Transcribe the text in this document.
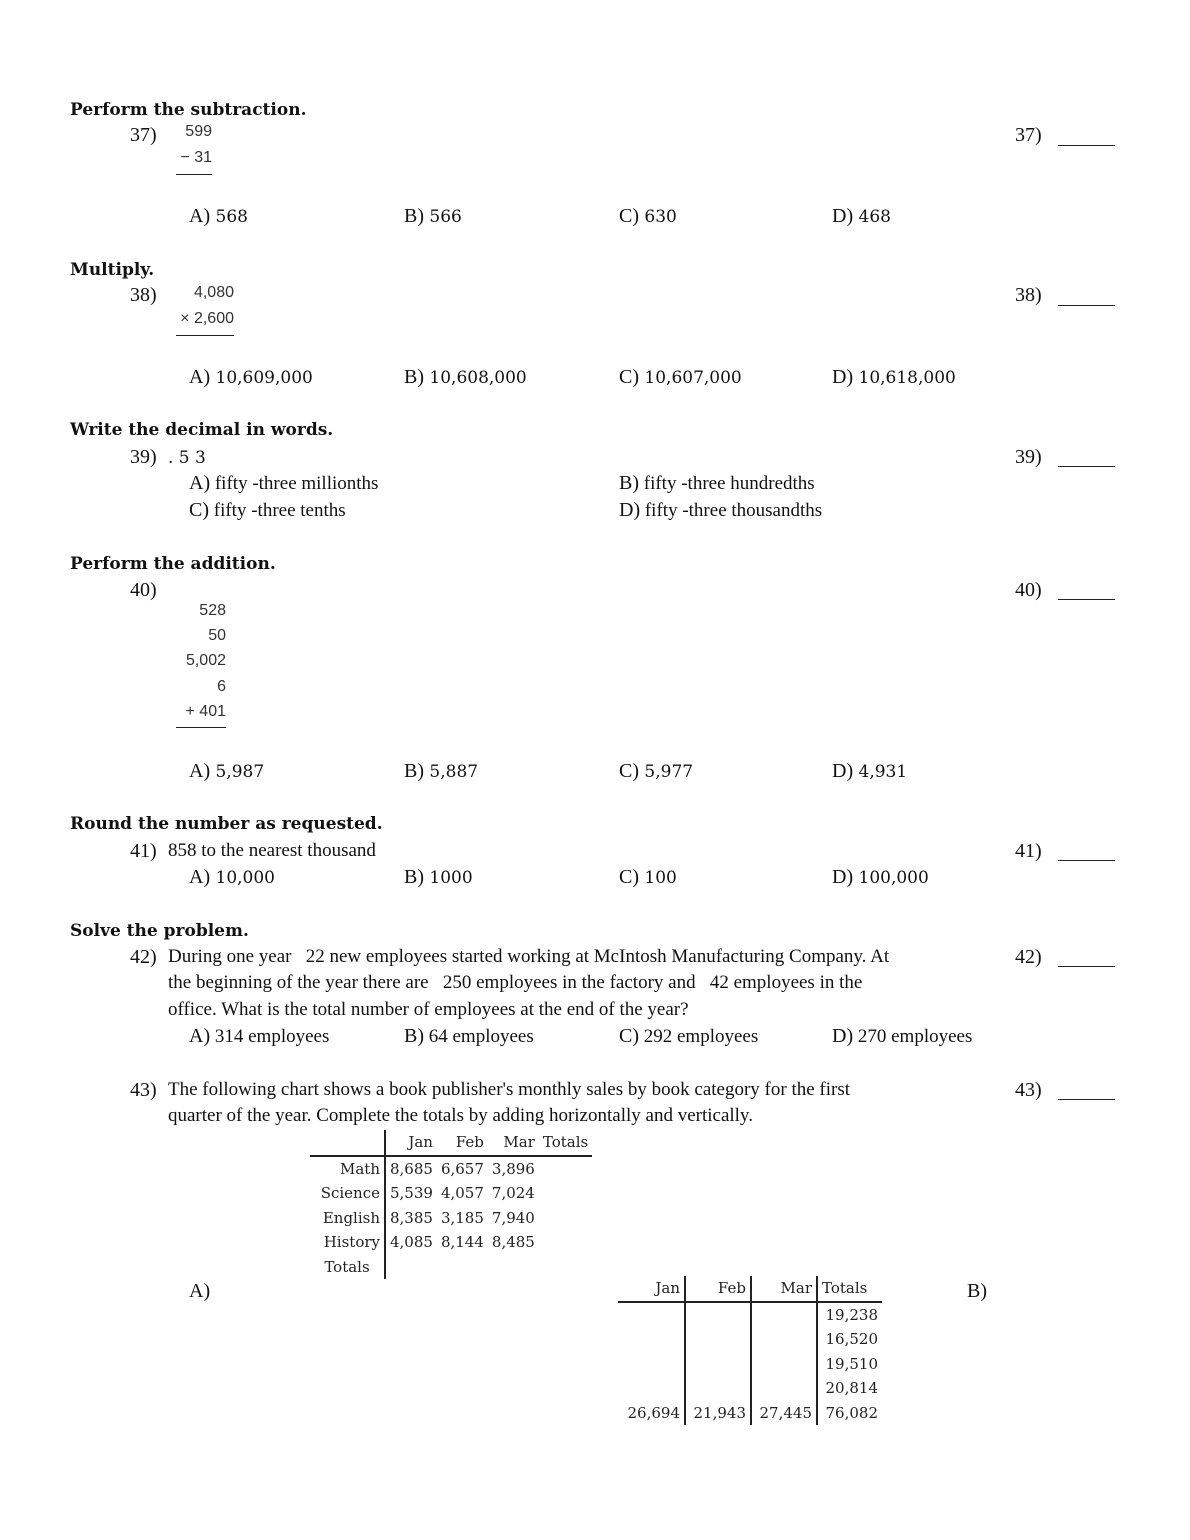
Perform the subtraction.
Multiply.
Write the decimal in words.
Perform the addition.
Round the number as requested.
Solve the problem.
37)	599
− 31
37)
A) 568	B) 566	C) 630	D) 468
38)	4,080
× 2,600
38)
A) 10,609,000	B) 10,608,000	C) 10,607,000	D) 10,618,000
39) . 5 3	39)
A) fifty -three millionths	B) fifty -three hundredths
C) fifty -three tenths	D) fifty -three thousandths
40)
528
50
5,002
6
+ 401
40)
A) 5,987	B) 5,887	C) 5,977	D) 4,931
41) 858 to the nearest thousand	41)
A) 10,000	B) 1000	C) 100	D) 100,000
42) During one year   22 new employees started working at McIntosh Manufacturing Company. At
the beginning of the year there are   250 employees in the factory and   42 employees in the
office. What is the total number of employees at the end of the year?
42)
A) 314 employees	B) 64 employees	C) 292 employees	D) 270 employees
43) The following chart shows a book publisher's monthly sales by book category for the first
quarter of the year. Complete the totals by adding horizontally and vertically.
43)
	Jan	Feb	Mar	Totals
Math	8,685	6,657	3,896	
Science	5,539	4,057	7,024	
English	8,385	3,185	7,940	
History	4,085	8,144	8,485	
Totals				
A)	Jan	Feb	Mar	Totals
			19,238
			16,520
			19,510
			20,814
26,694	21,943	27,445	76,082
B)
